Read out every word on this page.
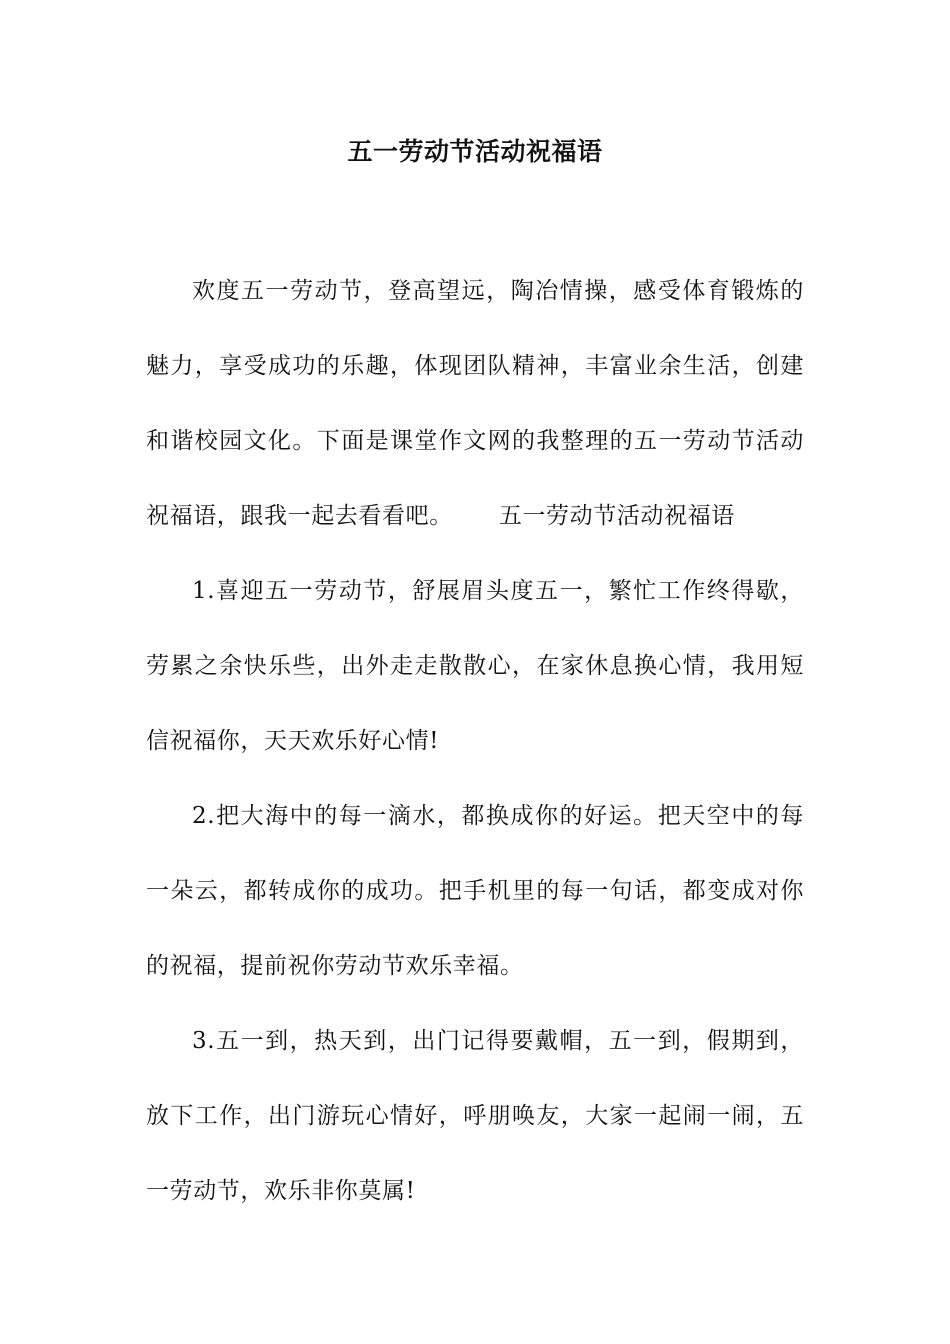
五一劳动节活动祝福语

欢度五一劳动节，登高望远，陶冶情操，感受体育锻炼的魅力，享受成功的乐趣，体现团队精神，丰富业余生活，创建和谐校园文化。下面是课堂作文网的我整理的五一劳动节活动祝福语，跟我一起去看看吧。 五一劳动节活动祝福语

1.喜迎五一劳动节，舒展眉头度五一，繁忙工作终得歇，劳累之余快乐些，出外走走散散心，在家休息换心情，我用短信祝福你，天天欢乐好心情!

2.把大海中的每一滴水，都换成你的好运。把天空中的每一朵云，都转成你的成功。把手机里的每一句话，都变成对你的祝福，提前祝你劳动节欢乐幸福。

3.五一到，热天到，出门记得要戴帽，五一到，假期到，放下工作，出门游玩心情好，呼朋唤友，大家一起闹一闹，五一劳动节，欢乐非你莫属!
